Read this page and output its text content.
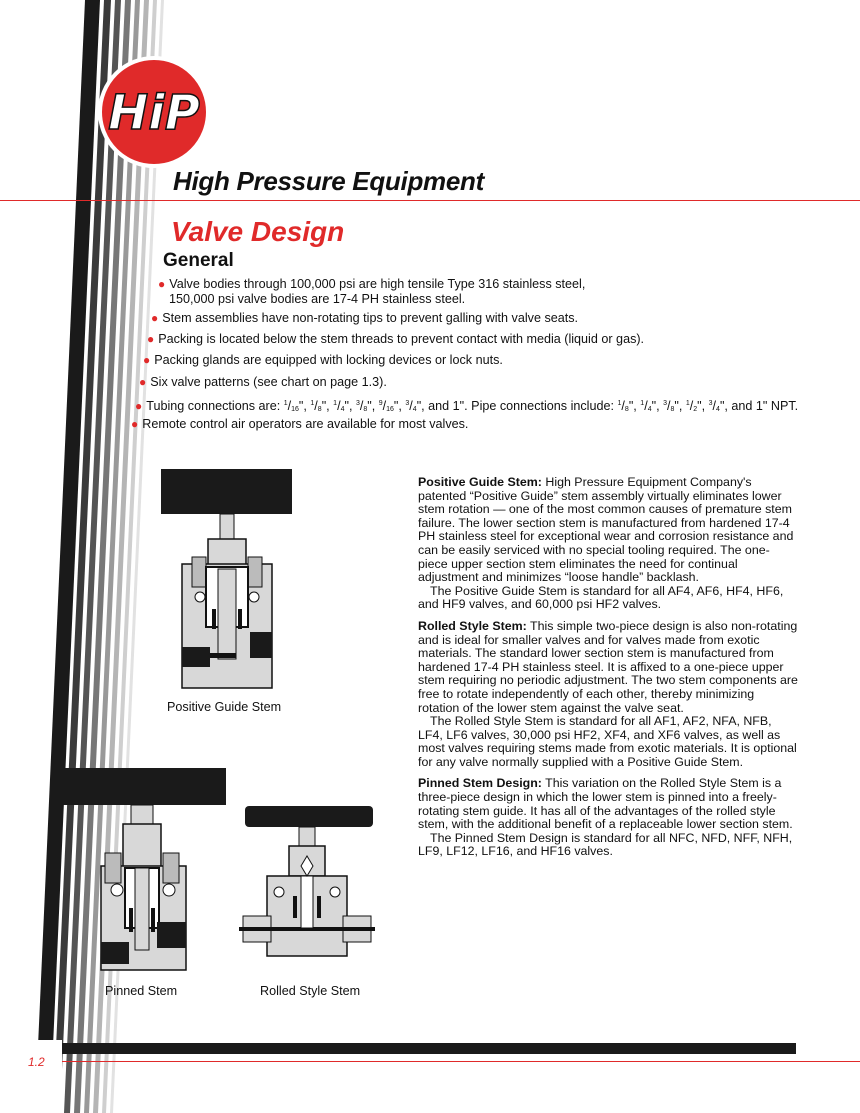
HiP
High Pressure Equipment
Valve Design
General
● Valve bodies through 100,000 psi are high tensile Type 316 stainless steel,
150,000 psi valve bodies are 17-4 PH stainless steel.
● Stem assemblies have non-rotating tips to prevent galling with valve seats.
● Packing is located below the stem threads to prevent contact with media (liquid or gas).
● Packing glands are equipped with locking devices or lock nuts.
● Six valve patterns (see chart on page 1.3).
● Tubing connections are: $^1$/16", $^1$/8", $^1$/4", $^3$/8", $^9$/16", $^3$/4", and 1". Pipe connections include: $^1$/8", $^1$/4", $^3$/8", $^1$/2", $^3$/4", and 1" NPT.
● Remote control air operators are available for most valves.
Positive Guide Stem
Pinned Stem	Rolled Style Stem

Positive Guide Stem: High Pressure Equipment Company's patented “Positive Guide” stem assembly virtually eliminates lower stem rotation — one of the most common causes of premature stem failure. The lower section stem is manufactured from hardened 17-4 PH stainless steel for exceptional wear and corrosion resistance and can be easily serviced with no special tooling required. The one-piece upper section stem eliminates the need for continual adjustment and minimizes “loose handle” backlash.
The Positive Guide Stem is standard for all AF4, AF6, HF4, HF6, and HF9 valves, and 60,000 psi HF2 valves.

Rolled Style Stem: This simple two-piece design is also non-rotating and is ideal for smaller valves and for valves made from exotic materials. The standard lower section stem is manufactured from hardened 17-4 PH stainless steel. It is affixed to a one-piece upper stem requiring no periodic adjustment. The two stem components are free to rotate independently of each other, thereby minimizing rotation of the lower stem against the valve seat.
The Rolled Style Stem is standard for all AF1, AF2, NFA, NFB, LF4, LF6 valves, 30,000 psi HF2, XF4, and XF6 valves, as well as most valves requiring stems made from exotic materials. It is optional for any valve normally supplied with a Positive Guide Stem.

Pinned Stem Design: This variation on the Rolled Style Stem is a three-piece design in which the lower stem is pinned into a freely-rotating stem guide. It has all of the advantages of the rolled style stem, with the additional benefit of a replaceable lower section stem.
The Pinned Stem Design is standard for all NFC, NFD, NFF, NFH, LF9, LF12, LF16, and HF16 valves.

1.2
